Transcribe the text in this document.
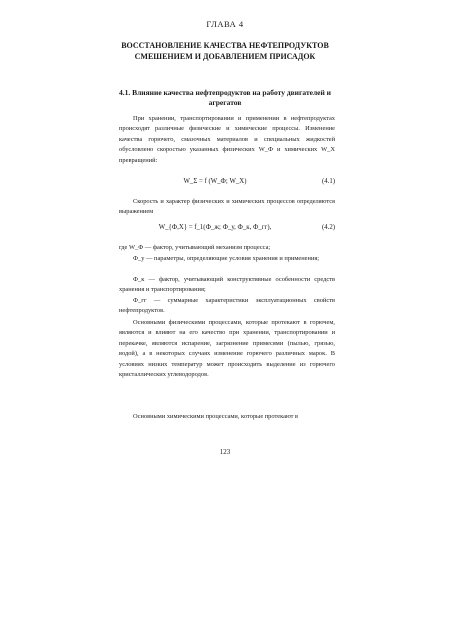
ГЛАВА 4
ВОССТАНОВЛЕНИЕ КАЧЕСТВА НЕФТЕПРОДУКТОВ СМЕШЕНИЕМ И ДОБАВЛЕНИЕМ ПРИСАДОК
4.1. Влияние качества нефтепродуктов на работу двигателей и агрегатов
При хранении, транспортировании и применении в нефтепродуктах происходят различные физические и химические процессы. Изменение качества горючего, смазочных материалов и специальных жидкостей обусловлено скоростью указанных физических W_Ф и химических W_Х превращений:
W_Σ = f (W_Ф; W_Х)	(4.1)
Скорость и характер физических и химических процессов определяются выражением
W_{Ф,Х} = f_1(Ф_ж; Ф_у, Ф_к, Ф_гг),	(4.2)
где W_Ф — фактор, учитывающий механизм процесса;
Ф_у — параметры, определяющие условия хранения и применения;
Ф_к — фактор, учитывающий конструктивные особенности средств хранения и транспортирования;
Ф_гг — суммарные характеристики эксплуатационных свойств нефтепродуктов.
Основными физическими процессами, которые протекают в горючем, являются и влияют на его качество при хранении, транспортировании и перекачке, являются испарение, загрязнение примесями (пылью, грязью, водой), а в некоторых случаях изменение горючего различных марок. В условиях низких температур может происходить выделение из горючего кристаллических углеводородов.
Основными химическими процессами, которые протекают в
123
